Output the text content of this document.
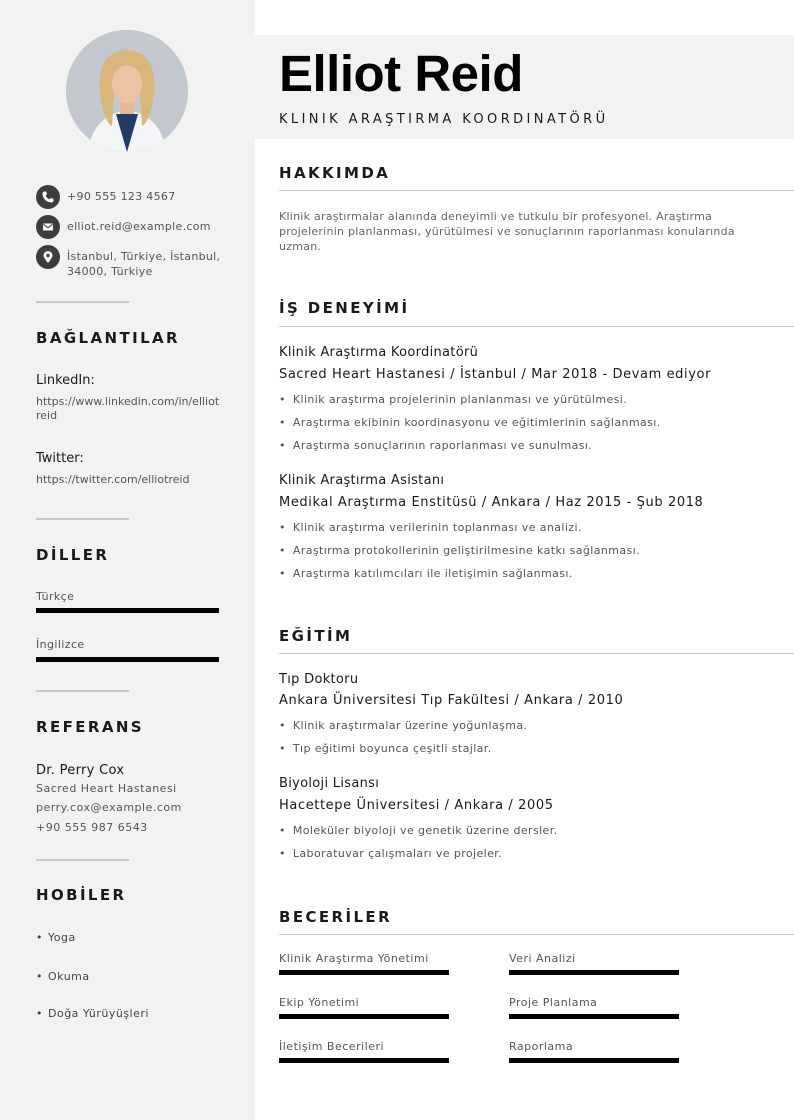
+90 555 123 4567
elliot.reid@example.com
İstanbul, Türkiye, İstanbul, 34000, Türkiye
BAĞLANTILAR
LinkedIn:
https://www.linkedin.com/in/elliotreid
Twitter:
https://twitter.com/elliotreid
DİLLER
Türkçe
İngilizce
REFERANS
Dr. Perry Cox
Sacred Heart Hastanesi
perry.cox@example.com
+90 555 987 6543
HOBİLER
• Yoga
• Okuma
• Doğa Yürüyüşleri
Elliot Reid
KLINIK ARAŞTIRMA KOORDINATÖRÜ
HAKKIMDA
Klinik araştırmalar alanında deneyimli ve tutkulu bir profesyonel. Araştırma projelerinin planlanması, yürütülmesi ve sonuçlarının raporlanması konularında uzman.
İŞ DENEYİMİ
Klinik Araştırma Koordinatörü
Sacred Heart Hastanesi / İstanbul / Mar 2018 - Devam ediyor
• Klinik araştırma projelerinin planlanması ve yürütülmesi.
• Araştırma ekibinin koordinasyonu ve eğitimlerinin sağlanması.
• Araştırma sonuçlarının raporlanması ve sunulması.
Klinik Araştırma Asistanı
Medikal Araştırma Enstitüsü / Ankara / Haz 2015 - Şub 2018
• Klinik araştırma verilerinin toplanması ve analizi.
• Araştırma protokollerinin geliştirilmesine katkı sağlanması.
• Araştırma katılımcıları ile iletişimin sağlanması.
EĞİTİM
Tıp Doktoru
Ankara Üniversitesi Tıp Fakültesi / Ankara / 2010
• Klinik araştırmalar üzerine yoğunlaşma.
• Tıp eğitimi boyunca çeşitli stajlar.
Biyoloji Lisansı
Hacettepe Üniversitesi / Ankara / 2005
• Moleküler biyoloji ve genetik üzerine dersler.
• Laboratuvar çalışmaları ve projeler.
BECERİLER
Klinik Araştırma Yönetimi	Veri Analizi
Ekip Yönetimi	Proje Planlama
İletişim Becerileri	Raporlama
